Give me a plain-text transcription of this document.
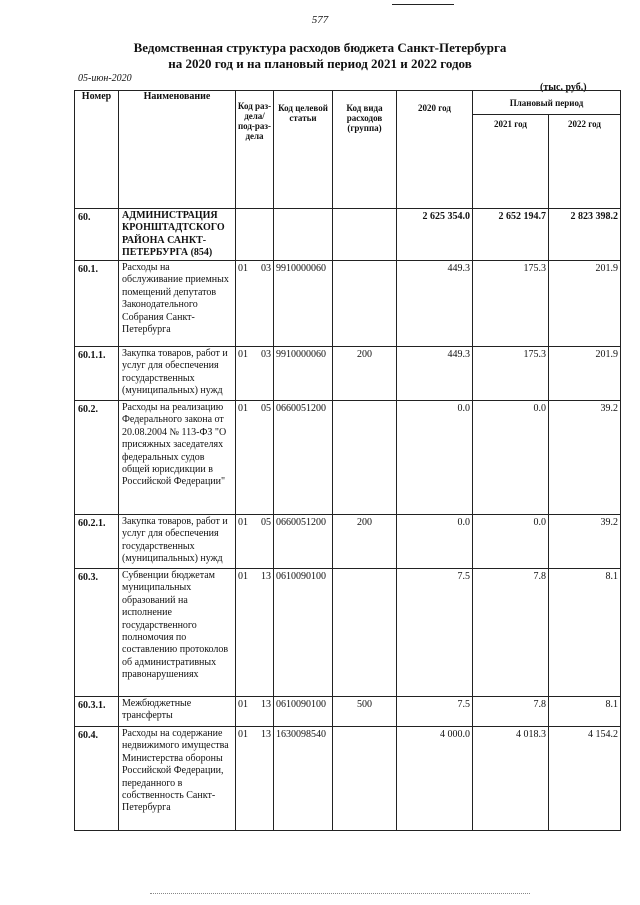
577
Ведомственная структура расходов бюджета Санкт-Петербурга
на 2020 год и на плановый период 2021 и 2022 годов
05-июн-2020
(тыс. руб.)
Номер	Наименование	Код раз-дела/ под-раз-дела	Код целевой статьи	Код вида расходов (группа)	2020 год	Плановый период	
						2021 год	2022 год
60.	АДМИНИСТРАЦИЯ КРОНШТАДТСКОГО РАЙОНА САНКТ-ПЕТЕРБУРГА (854)				2 625 354.0	2 652 194.7	2 823 398.2
60.1.	Расходы на обслуживание приемных помещений депутатов Законодательного Собрания Санкт-Петербурга	01 03	9910000060		449.3	175.3	201.9
60.1.1.	Закупка товаров, работ и услуг для обеспечения государственных (муниципальных) нужд	01 03	9910000060	200	449.3	175.3	201.9
60.2.	Расходы на реализацию Федерального закона от 20.08.2004 № 113-ФЗ "О присяжных заседателях федеральных судов общей юрисдикции в Российской Федерации"	01 05	0660051200		0.0	0.0	39.2
60.2.1.	Закупка товаров, работ и услуг для обеспечения государственных (муниципальных) нужд	01 05	0660051200	200	0.0	0.0	39.2
60.3.	Субвенции бюджетам муниципальных образований на исполнение государственного полномочия по составлению протоколов об административных правонарушениях	01 13	0610090100		7.5	7.8	8.1
60.3.1.	Межбюджетные трансферты	01 13	0610090100	500	7.5	7.8	8.1
60.4.	Расходы на содержание недвижимого имущества Министерства обороны Российской Федерации, переданного в собственность Санкт-Петербурга	01 13	1630098540		4 000.0	4 018.3	4 154.2
